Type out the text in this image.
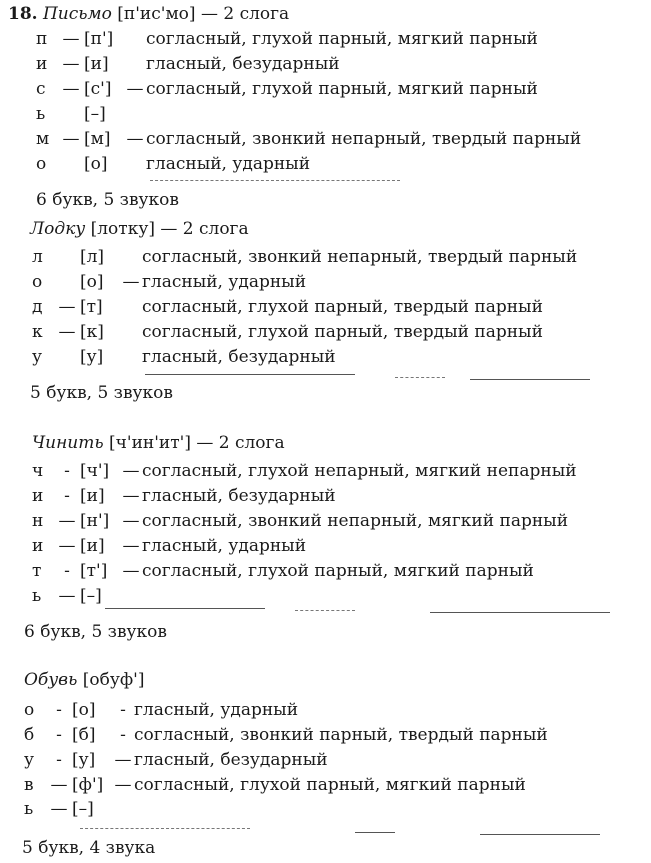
18. Письмо [п'ис'мо] — 2 слога
п — [п'] согласный, глухой парный, мягкий парный
и — [и] гласный, безударный
с — [с'] — согласный, глухой парный, мягкий парный
ь [–]
м — [м] — согласный, звонкий непарный, твердый парный
о [о] гласный, ударный
6 букв, 5 звуков
Лодку [лотку] — 2 слога
л [л] согласный, звонкий непарный, твердый парный
о [о] — гласный, ударный
д — [т] согласный, глухой парный, твердый парный
к — [к] согласный, глухой парный, твердый парный
у [у] гласный, безударный
5 букв, 5 звуков
Чинить [ч'ин'ит'] — 2 слога
ч - [ч'] — согласный, глухой непарный, мягкий непарный
и - [и] — гласный, безударный
н — [н'] — согласный, звонкий непарный, мягкий парный
и — [и] — гласный, ударный
т - [т'] — согласный, глухой парный, мягкий парный
ь — [–]
6 букв, 5 звуков
Обувь [обуф']
о - [о] - гласный, ударный
б - [б] - согласный, звонкий парный, твердый парный
у - [у] — гласный, безударный
в — [ф'] — согласный, глухой парный, мягкий парный
ь — [–]
5 букв, 4 звука
